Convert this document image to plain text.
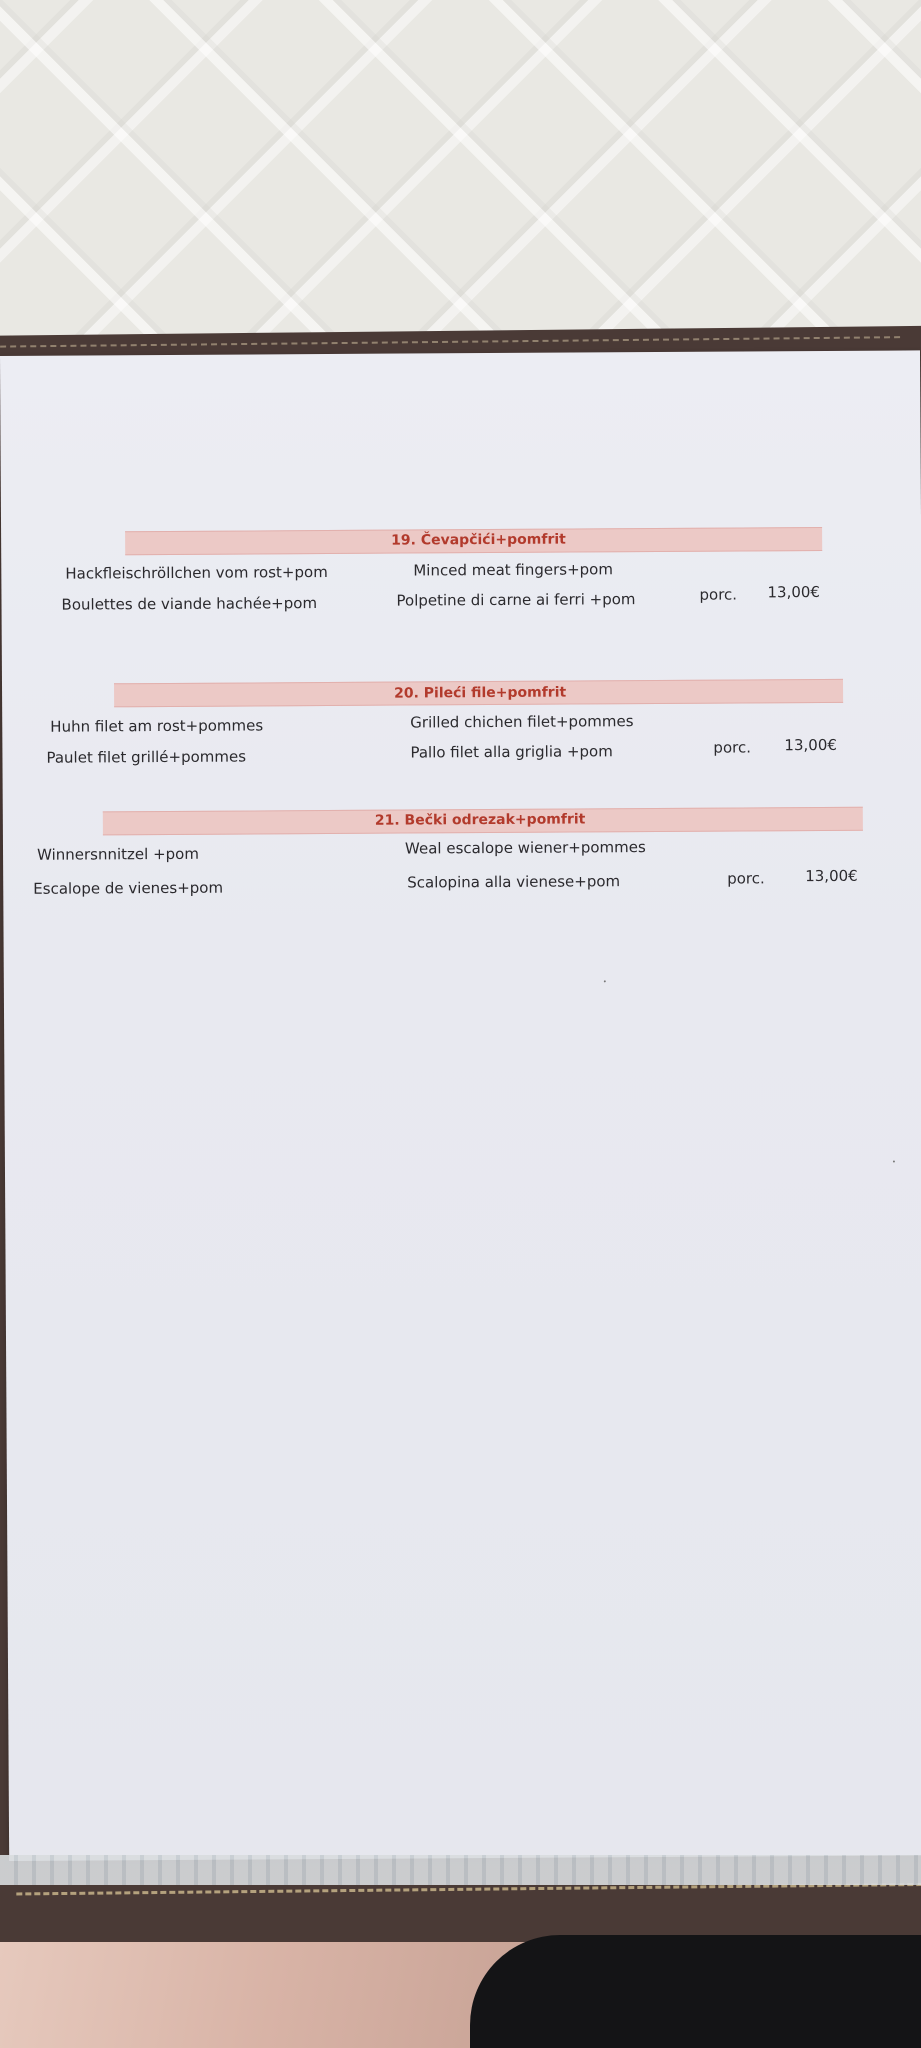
19. Čevapčići+pomfrit
Hackfleischröllchen vom rost+pom	Minced meat fingers+pom
Boulettes de viande hachée+pom	Polpetine di carne ai ferri +pom	porc. 13,00€
20. Pileći file+pomfrit
Huhn filet am rost+pommes	Grilled chichen filet+pommes
Paulet filet grillé+pommes	Pallo filet alla griglia +pom	porc. 13,00€
21. Bečki odrezak+pomfrit
Winnersnnitzel +pom	Weal escalope wiener+pommes
Escalope de vienes+pom	Scalopina alla vienese+pom	porc.	13,00€
